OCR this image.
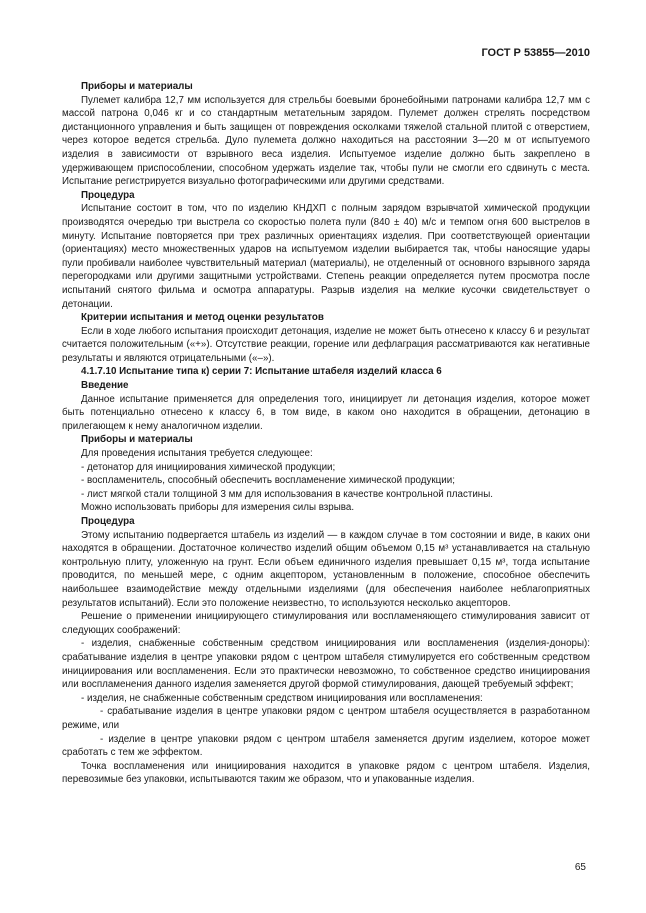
ГОСТ Р 53855—2010

Приборы и материалы

Пулемет калибра 12,7 мм используется для стрельбы боевыми бронебойными патронами калибра 12,7 мм с массой патрона 0,046 кг и со стандартным метательным зарядом. Пулемет должен стрелять посредством дистанционного управления и быть защищен от повреждения осколками тяжелой стальной плитой с отверстием, через которое ведется стрельба. Дуло пулемета должно находиться на расстоянии 3—20 м от испытуемого изделия в зависимости от взрывного веса изделия. Испытуемое изделие должно быть закреплено в удерживающем приспособлении, способном удержать изделие так, чтобы пули не смогли его сдвинуть с места. Испытание регистрируется визуально фотографическими или другими средствами.

Процедура

Испытание состоит в том, что по изделию КНДХП с полным зарядом взрывчатой химической продукции производятся очередью три выстрела со скоростью полета пули (840 ± 40) м/с и темпом огня 600 выстрелов в минуту. Испытание повторяется при трех различных ориентациях изделия. При соответствующей ориентации (ориентациях) место множественных ударов на испытуемом изделии выбирается так, чтобы наносящие удары пули пробивали наиболее чувствительный материал (материалы), не отделенный от основного взрывного заряда перегородками или другими защитными устройствами. Степень реакции определяется путем просмотра после испытаний снятого фильма и осмотра аппаратуры. Разрыв изделия на мелкие кусочки свидетельствует о детонации.

Критерии испытания и метод оценки результатов

Если в ходе любого испытания происходит детонация, изделие не может быть отнесено к классу 6 и результат считается положительным («+»). Отсутствие реакции, горение или дефлаграция рассматриваются как негативные результаты и являются отрицательными («–»).

4.1.7.10 Испытание типа к) серии 7: Испытание штабеля изделий класса 6

Введение

Данное испытание применяется для определения того, инициирует ли детонация изделия, которое может быть потенциально отнесено к классу 6, в том виде, в каком оно находится в обращении, детонацию в прилегающем к нему аналогичном изделии.

Приборы и материалы

Для проведения испытания требуется следующее:

- детонатор для инициирования химической продукции;

- воспламенитель, способный обеспечить воспламенение химической продукции;

- лист мягкой стали толщиной 3 мм для использования в качестве контрольной пластины.

Можно использовать приборы для измерения силы взрыва.

Процедура

Этому испытанию подвергается штабель из изделий — в каждом случае в том состоянии и виде, в каких они находятся в обращении. Достаточное количество изделий общим объемом 0,15 м³ устанавливается на стальную контрольную плиту, уложенную на грунт. Если объем единичного изделия превышает 0,15 м³, тогда испытание проводится, по меньшей мере, с одним акцептором, установленным в положение, способное обеспечить наибольшее взаимодействие между отдельными изделиями (для обеспечения наиболее неблагоприятных результатов испытаний). Если это положение неизвестно, то используются несколько акцепторов.

Решение о применении инициирующего стимулирования или воспламеняющего стимулирования зависит от следующих соображений:

- изделия, снабженные собственным средством инициирования или воспламенения (изделия-доноры): срабатывание изделия в центре упаковки рядом с центром штабеля стимулируется его собственным средством инициирования или воспламенения. Если это практически невозможно, то собственное средство инициирования или воспламенения данного изделия заменяется другой формой стимулирования, дающей требуемый эффект;

- изделия, не снабженные собственным средством инициирования или воспламенения:

- срабатывание изделия в центре упаковки рядом с центром штабеля осуществляется в разработанном режиме, или

- изделие в центре упаковки рядом с центром штабеля заменяется другим изделием, которое может сработать с тем же эффектом.

Точка воспламенения или инициирования находится в упаковке рядом с центром штабеля. Изделия, перевозимые без упаковки, испытываются таким же образом, что и упакованные изделия.

65
